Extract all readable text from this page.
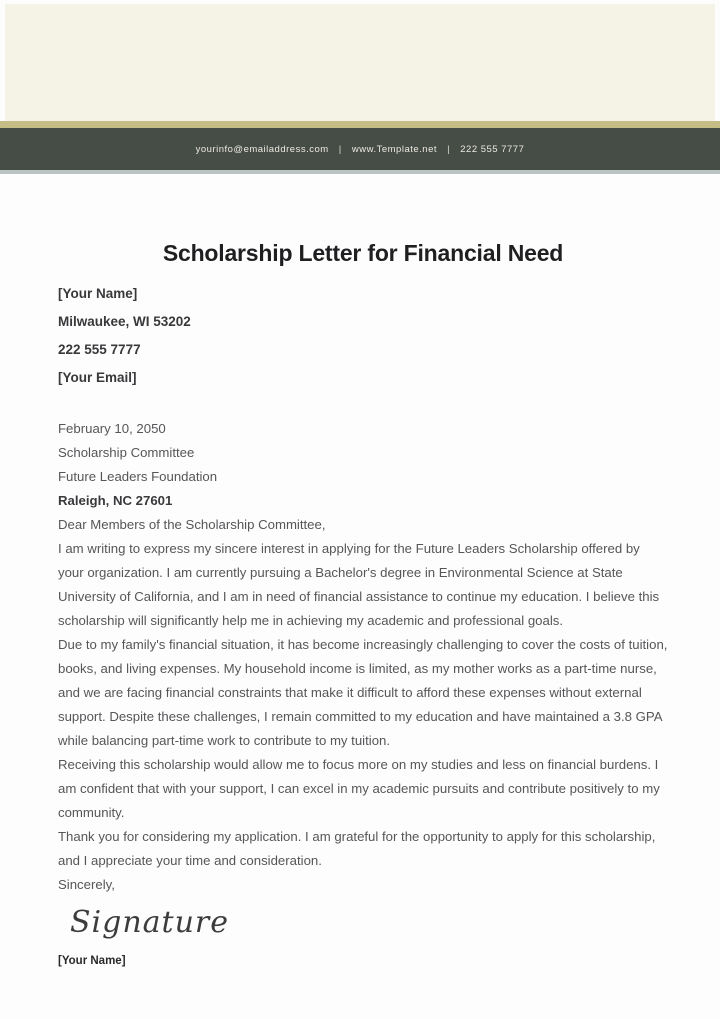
yourinfo@emailaddress.com | www.Template.net | 222 555 7777
Scholarship Letter for Financial Need
[Your Name]
Milwaukee, WI 53202
222 555 7777
[Your Email]
February 10, 2050
Scholarship Committee
Future Leaders Foundation
Raleigh, NC 27601

Dear Members of the Scholarship Committee,

I am writing to express my sincere interest in applying for the Future Leaders Scholarship offered by your organization. I am currently pursuing a Bachelor's degree in Environmental Science at State University of California, and I am in need of financial assistance to continue my education. I believe this scholarship will significantly help me in achieving my academic and professional goals.

Due to my family's financial situation, it has become increasingly challenging to cover the costs of tuition, books, and living expenses. My household income is limited, as my mother works as a part-time nurse, and we are facing financial constraints that make it difficult to afford these expenses without external support. Despite these challenges, I remain committed to my education and have maintained a 3.8 GPA while balancing part-time work to contribute to my tuition.

Receiving this scholarship would allow me to focus more on my studies and less on financial burdens. I am confident that with your support, I can excel in my academic pursuits and contribute positively to my community.

Thank you for considering my application. I am grateful for the opportunity to apply for this scholarship, and I appreciate your time and consideration.

Sincerely,

Signature
[Your Name]
